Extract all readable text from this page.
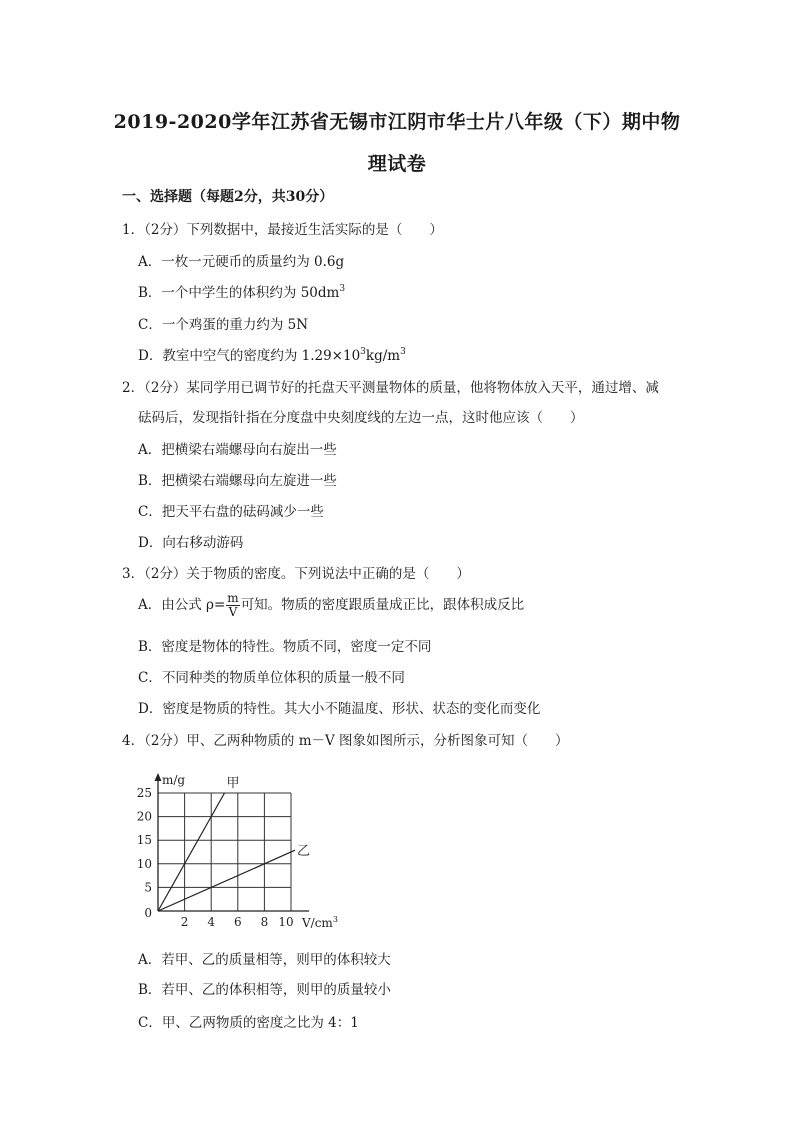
2019-2020学年江苏省无锡市江阴市华士片八年级（下）期中物
理试卷
一、选择题（每题2分，共30分）
1．（2分）下列数据中，最接近生活实际的是（　　）
A．一枚一元硬币的质量约为 0.6g
B．一个中学生的体积约为 $50dm^3$
C．一个鸡蛋的重力约为 5N
D．教室中空气的密度约为 $1.29\times 10^3kg/m^3$
2．（2分）某同学用已调节好的托盘天平测量物体的质量，他将物体放入天平，通过增、减
砝码后，发现指针指在分度盘中央刻度线的左边一点，这时他应该（　　）
A．把横梁右端螺母向右旋出一些
B．把横梁右端螺母向左旋进一些
C．把天平右盘的砝码减少一些
D．向右移动游码
3．（2分）关于物质的密度。下列说法中正确的是（　　）
A．由公式 $\rho= \frac{m}{V}$ 可知。物质的密度跟质量成正比，跟体积成反比
B．密度是物体的特性。物质不同，密度一定不同
C．不同种类的物质单位体积的质量一般不同
D．密度是物质的特性。其大小不随温度、形状、状态的变化而变化
4．（2分）甲、乙两种物质的 m－V 图象如图所示，分析图象可知（　　）
2 4 6 8 10
5
10
15
20
25
0
m/g
$V/cm^3$
甲
乙
A．若甲、乙的质量相等，则甲的体积较大
B．若甲、乙的体积相等，则甲的质量较小
C．甲、乙两物质的密度之比为 4：1
